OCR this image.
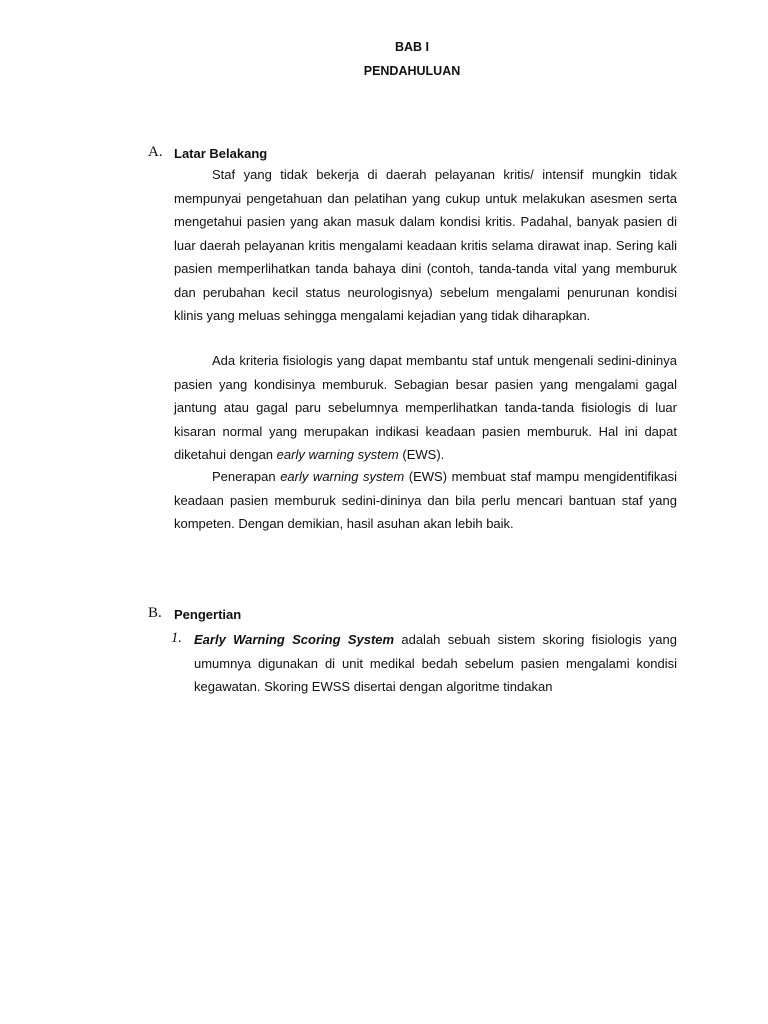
BAB I
PENDAHULUAN
A. Latar Belakang

Staf yang tidak bekerja di daerah pelayanan kritis/ intensif mungkin tidak mempunyai pengetahuan dan pelatihan yang cukup untuk melakukan asesmen serta mengetahui pasien yang akan masuk dalam kondisi kritis. Padahal, banyak pasien di luar daerah pelayanan kritis mengalami keadaan kritis selama dirawat inap. Sering kali pasien memperlihatkan tanda bahaya dini (contoh, tanda-tanda vital yang memburuk dan perubahan kecil status neurologisnya) sebelum mengalami penurunan kondisi klinis yang meluas sehingga mengalami kejadian yang tidak diharapkan.

Ada kriteria fisiologis yang dapat membantu staf untuk mengenali sedini-dininya pasien yang kondisinya memburuk. Sebagian besar pasien yang mengalami gagal jantung atau gagal paru sebelumnya memperlihatkan tanda-tanda fisiologis di luar kisaran normal yang merupakan indikasi keadaan pasien memburuk. Hal ini dapat diketahui dengan early warning system (EWS).

Penerapan early warning system (EWS) membuat staf mampu mengidentifikasi keadaan pasien memburuk sedini-dininya dan bila perlu mencari bantuan staf yang kompeten. Dengan demikian, hasil asuhan akan lebih baik.

B. Pengertian
1. Early Warning Scoring System adalah sebuah sistem skoring fisiologis yang umumnya digunakan di unit medikal bedah sebelum pasien mengalami kondisi kegawatan. Skoring EWSS disertai dengan algoritme tindakan
